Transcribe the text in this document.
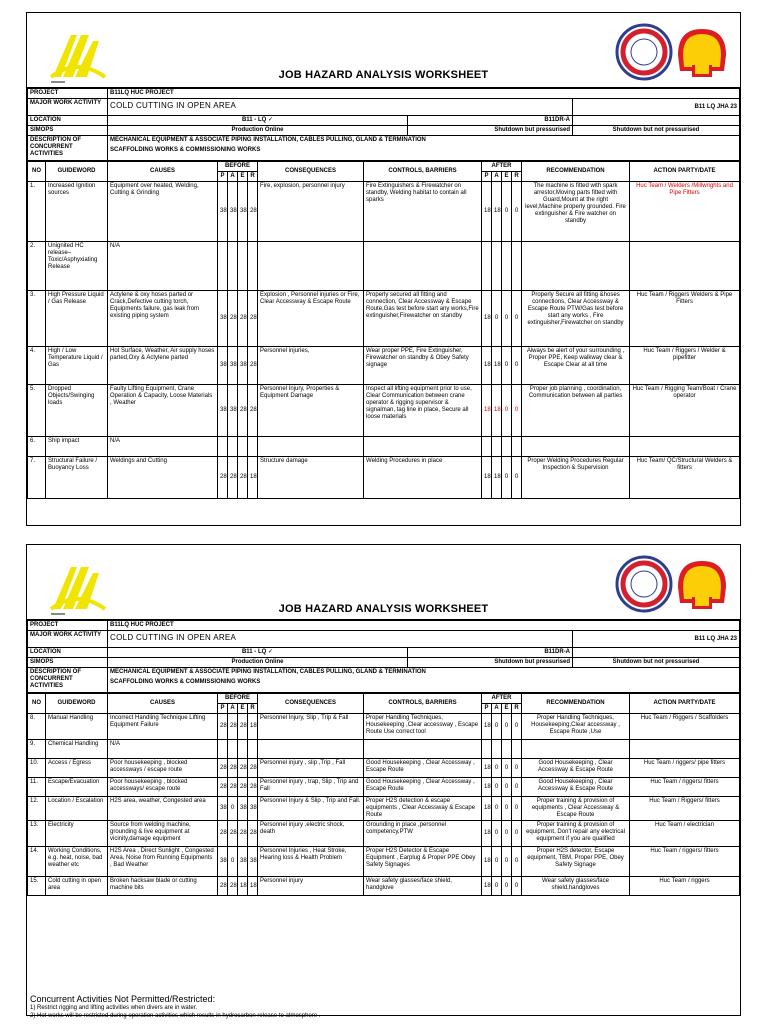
JOB HAZARD ANALYSIS WORKSHEET
PROJECT	B11LQ HUC PROJECT		
MAJOR WORK ACTIVITY	COLD CUTTING IN OPEN AREA		B11 LQ JHA 23
LOCATION	B11 - LQ ✓	B11DR-A	
SIMOPS	Production Online	Shutdown but pressurised	Shutdown but not pressurised
DESCRIPTION OF CONCURRENT ACTIVITIES	MECHANICAL EQUIPMENT & ASSOCIATE PIPING INSTALLATION, CABLES PULLING, GLAND & TERMINATION
SCAFFOLDING WORKS & COMMISSIONING WORKS		
NO	GUIDEWORD	CAUSES	BEFORE				CONSEQUENCES	CONTROLS, BARRIERS	AFTER				RECOMMENDATION	ACTION PARTY/DATE
			P	A	E	R			P	A	E	R		
1.	Increased Ignition sources	Equipment over heated, Welding, Cutting & Grinding	38	38	38	28	Fire, explosion, personnel injury	Fire Extinguishers & Firewatcher on standby, Welding habitat to contain all sparks	18	18	0	0	The machine is fitted with spark arrestor,Moving parts fitted with Guard,Mount at the right level,Machine properly grounded. Fire extinguisher & Fire watcher on standby	Huc Team / Welders /Millwrights and Pipe Fitters
2.	Unignited HC release– Toxic/Asphyxiating Release	N/A												
3.	High Pressure Liquid / Gas Release	Actylene & oxy hoses parted or Crack,Defective cutting torch, Equipments failure, gas leak from existing piping system	38	28	28	28	Explosion , Personnel injuries or Fire, Clear Accessway & Escape Route	Properly secured all fitting and connection, Clear Accessway & Escape Route,Gas test before start any works,Fire extinguisher,Firewatcher on standby	18	0	0	0	Properly Secure all fitting &hoses connections, Clear Accessway & Escape Route PTW/Gas test before start any works , Fire extinguisher,Firewatcher on standby	Huc Team / Riggers Welders & Pipe Fitters
4.	High / Low Temperature Liquid / Gas	Hot Surface, Weather, Air supply hoses parted,Oxy & Actylene parted	38	38	38	28	Personnel injuries,	Wear proper PPE, Fire Extinguisher, Firewatcher on standby & Obey Safety signage	18	18	0	0	Always be alert of your surrounding , Proper PPE, Keep walkway clear & Escape Clear at all time	Huc Team / Riggers / Welder & pipefitter
5.	Dropped Objects/Swinging loads	Faulty Lifting Equipment, Crane Operation & Capacity, Loose Materials , Weather	38	38	28	28	Personnel Injury, Properties & Equipment Damage	Inspect all lifting equipment prior to use, Clear Communication between crane operator & rigging supervisor & signalman, tag line in place, Secure all loose materials	18	18	0	0	Proper job planning , coordination, Communication between all parties	Huc Team / Rigging Team/Boat / Crane operator
6.	Ship impact	N/A												
7.	Structural Failure / Buoyancy Loss	Weldings and Cutting	28	28	28	18	Structure damage	Welding Procedures in place	18	18	0	0	Proper Welding Procedures Regular Inspection & Supervision	Huc Team/ QC/Structural Welders & fitters
JOB HAZARD ANALYSIS WORKSHEET
PROJECT	B11LQ HUC PROJECT		
MAJOR WORK ACTIVITY	COLD CUTTING IN OPEN AREA		B11 LQ JHA 23
LOCATION	B11 - LQ ✓	B11DR-A	
SIMOPS	Production Online	Shutdown but pressurised	Shutdown but not pressurised
DESCRIPTION OF CONCURRENT ACTIVITIES	MECHANICAL EQUIPMENT & ASSOCIATE PIPING INSTALLATION, CABLES PULLING, GLAND & TERMINATION
SCAFFOLDING WORKS & COMMISSIONING WORKS		
NO	GUIDEWORD	CAUSES	BEFORE				CONSEQUENCES	CONTROLS, BARRIERS	AFTER				RECOMMENDATION	ACTION PARTY/DATE
			P	A	E	R			P	A	E	R		
8.	Manual Handling	Incorrect Handling Technique Lifting Equipment Failure	28	28	28	18	Personnel Injury, Slip , Trip & Fall	Proper Handling Techniques, Housekeeping ,Clear accessway , Escape Route Use correct tool	18	0	0	0	Proper Handling Techniques, Housekeeping,Clear accessway , Escape Route ,Use	Huc Team / Riggers / Scaffolders
9.	Chemical Handling	N/A												
10.	Access / Egress	Poor housekeeping , blocked accessways / escape route	28	28	28	28	Personnel injury , slip ,Trip , Fall	Good Housekeeping , Clear Accessway , Escape Route	18	0	0	0	Good Housekeeping , Clear Accessway & Escape Route	Huc Team / riggers/ pipe fitters
11.	Escape/Evacuation	Poor housekeeping , blocked accessways/ escape route	28	28	28	28	Personnel injury , trap, Slip , Trip and Fall	Good Housekeeping , Clear Accessway , Escape Route	18	0	0	0	Good Housekeeping , Clear Accessway & Escape Route	Huc Team / riggers/ fitters
12.	Location / Escalation	H2S area, weather, Congested area	38	0	38	38	Personnel Injury & Slip , Trip and Fall.	Proper H2S detection & escape equipments , Clear Accessway & Escape Route	18	0	0	0	Proper training & provision of equipments , Clear Accessway & Escape Route	Huc Team / Riggers/ fitters
13.	Electricity	Source from welding machine, grounding & live equipment at vicinity,damage equipment	28	28	28	28	Personnel injury ,electric shock, death	Grounding in place ,personnel competency,PTW	18	0	0	0	Proper training & provision of equipment, Don't repair any electrical equipment if you are qualified	Huc Team / electrician
14.	Working Conditions, e.g. heat, noise, bad weather etc	H2S Area , Direct Sunlight , Congested Area, Noise from Running Equipments , Bad Weather	38	0	38	38	Personnel Injuries , Heat Stroke, Hearing loss & Health Problem	Proper H2S Detector & Escape Equipment , Earplug & Proper PPE Obey Safety Signages	18	0	0	0	Proper H2S detector, Escape equipment, TBM, Proper PPE, Obey Safety Signage	Huc Team / riggers/ fitters
15.	Cold cutting in open area	Broken hacksaw blade or cutting machine bits	28	28	18	18	Personnel injury	Wear safety glasses/face shield, handglove	18	0	0	0	Wear safety glasses/face shield,handgloves	Huc Team / riggers
Concurrent Activities Not Permitted/Restricted:
1) Restrict rigging and lifting activities when divers are in water.
2) Hot works will be restricted during operation activities which results in hydrocarbon release to atmosphere .
